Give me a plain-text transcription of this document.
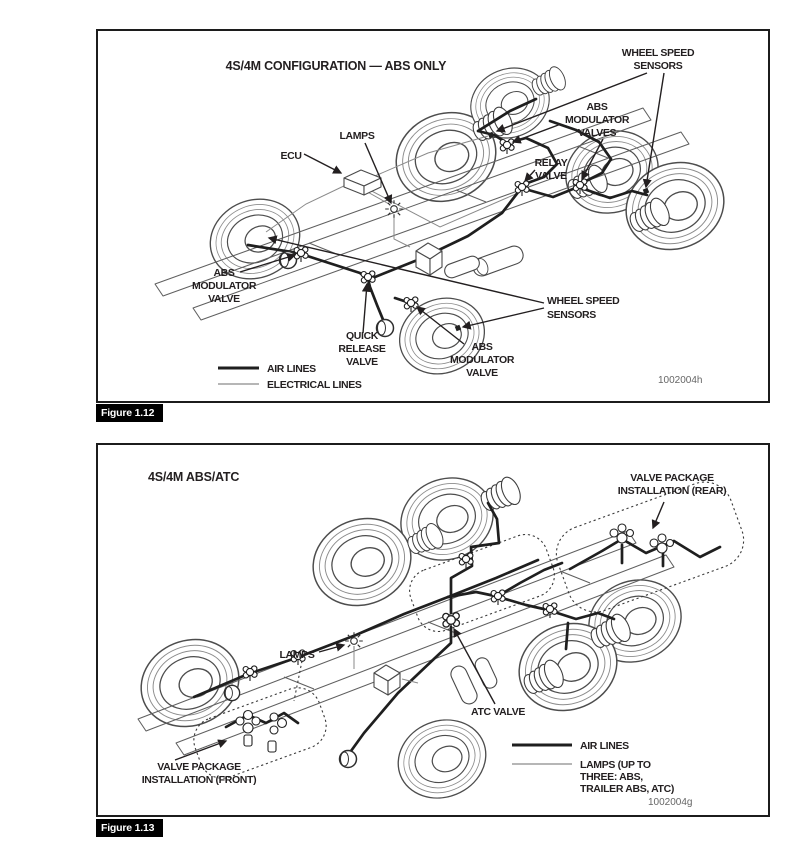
4S/4M CONFIGURATION — ABS ONLY
WHEEL SPEED
SENSORS
ABS
MODULATOR
VALVES
RELAY
VALVE
LAMPS
ECU
ABS
MODULATOR
VALVE
QUICK
RELEASE
VALVE
ABS
MODULATOR
VALVE
WHEEL SPEED
SENSORS
AIR LINES
ELECTRICAL LINES	1002004h
Figure 1.12
4S/4M ABS/ATC	VALVE PACKAGE
INSTALLATION (REAR)
LAMPS
ATC VALVE
VALVE PACKAGE
INSTALLATION (FRONT)
AIR LINES
LAMPS (UP TO
THREE: ABS,
TRAILER ABS, ATC)
1002004g
Figure 1.13
